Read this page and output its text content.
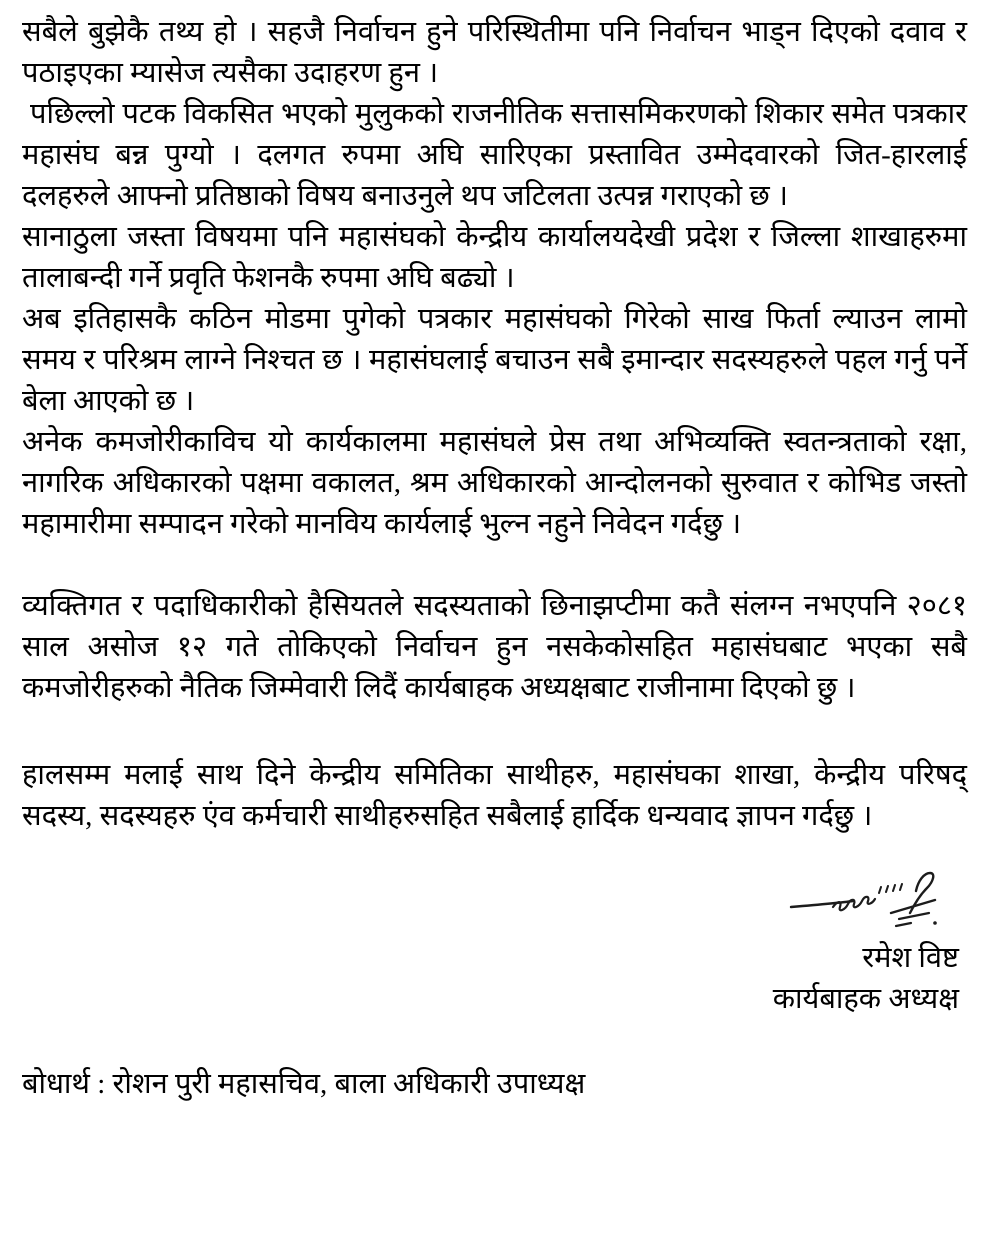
सबैले बुझेकै तथ्य हो । सहजै निर्वाचन हुने परिस्थितीमा पनि निर्वाचन भाड्न दिएको दवाव र पठाइएका म्यासेज त्यसैका उदाहरण हुन ।

पछिल्लो पटक विकसित भएको मुलुकको राजनीतिक सत्तासमिकरणको शिकार समेत पत्रकार महासंघ बन्न पुग्यो । दलगत रुपमा अघि सारिएका प्रस्तावित उम्मेदवारको जित-हारलाई दलहरुले आफ्नो प्रतिष्ठाको विषय बनाउनुले थप जटिलता उत्पन्न गराएको छ ।

सानाठुला जस्ता विषयमा पनि महासंघको केन्द्रीय कार्यालयदेखी प्रदेश र जिल्ला शाखाहरुमा तालाबन्दी गर्ने प्रवृति फेशनकै रुपमा अघि बढ्यो ।

अब इतिहासकै कठिन मोडमा पुगेको पत्रकार महासंघको गिरेको साख फिर्ता ल्याउन लामो समय र परिश्रम लाग्ने निश्चत छ । महासंघलाई बचाउन सबै इमान्दार सदस्यहरुले पहल गर्नु पर्ने बेला आएको छ ।

अनेक कमजोरीकाविच यो कार्यकालमा महासंघले प्रेस तथा अभिव्यक्ति स्वतन्त्रताको रक्षा, नागरिक अधिकारको पक्षमा वकालत, श्रम अधिकारको आन्दोलनको सुरुवात र कोभिड जस्तो महामारीमा सम्पादन गरेको मानविय कार्यलाई भुल्न नहुने निवेदन गर्दछु ।

व्यक्तिगत र पदाधिकारीको हैसियतले सदस्यताको छिनाझप्टीमा कतै संलग्न नभएपनि २०८१ साल असोज १२ गते तोकिएको निर्वाचन हुन नसकेकोसहित महासंघबाट भएका सबै कमजोरीहरुको नैतिक जिम्मेवारी लिदैं कार्यबाहक अध्यक्षबाट राजीनामा दिएको छु ।

हालसम्म मलाई साथ दिने केन्द्रीय समितिका साथीहरु, महासंघका शाखा, केन्द्रीय परिषद् सदस्य, सदस्यहरु एंव कर्मचारी साथीहरुसहित सबैलाई हार्दिक धन्यवाद ज्ञापन गर्दछु ।

रमेश विष्ट

कार्यबाहक अध्यक्ष

बोधार्थ : रोशन पुरी महासचिव, बाला अधिकारी उपाध्यक्ष
